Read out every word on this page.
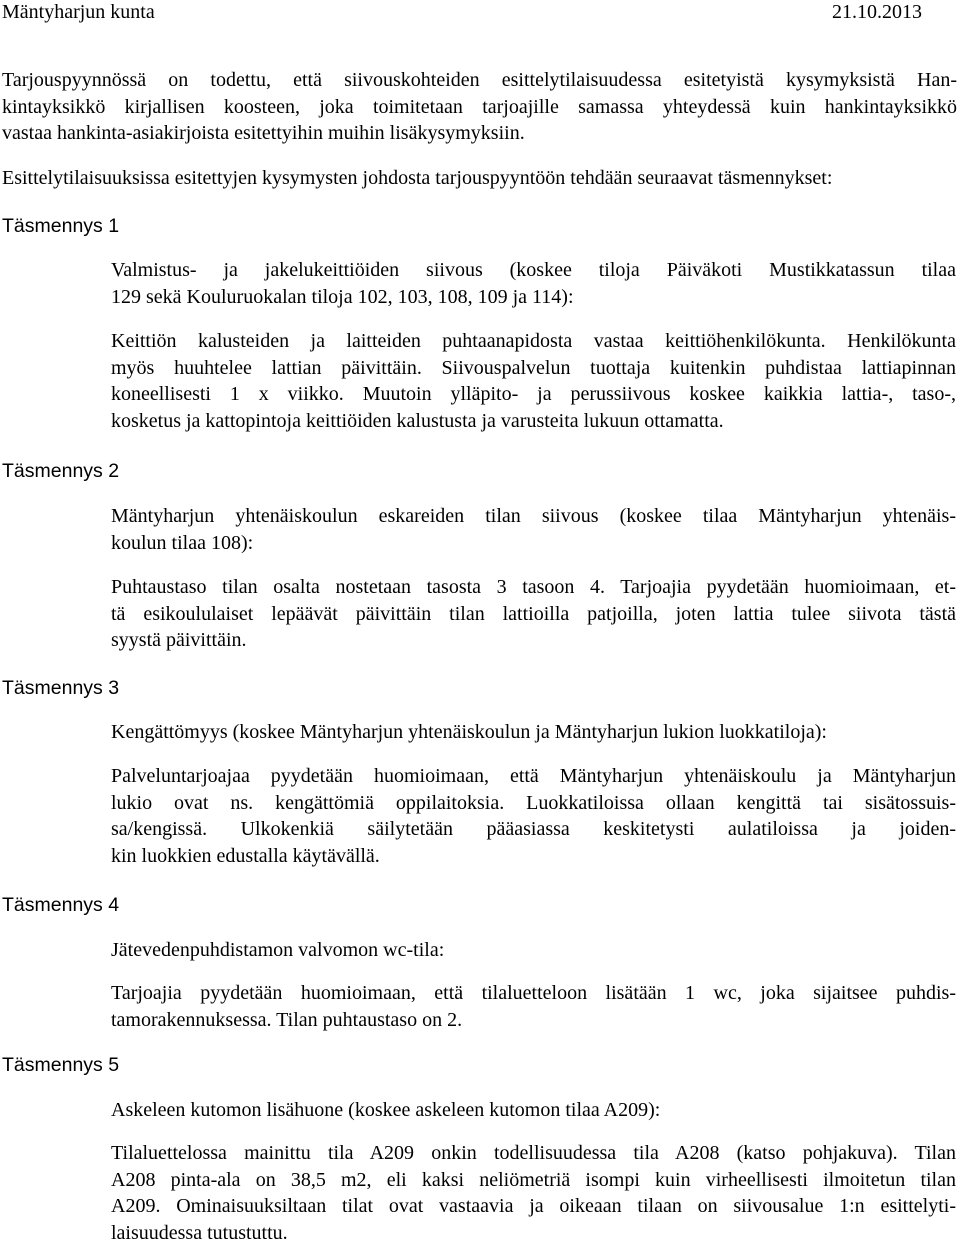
Mäntyharjun kunta	21.10.2013
Tarjouspyynnössä on todettu, että siivouskohteiden esittelytilaisuudessa esitetyistä kysymyksistä Han-
kintayksikkö kirjallisen koosteen, joka toimitetaan tarjoajille samassa yhteydessä kuin hankintayksikkö
vastaa hankinta-asiakirjoista esitettyihin muihin lisäkysymyksiin.
Esittelytilaisuuksissa esitettyjen kysymysten johdosta tarjouspyyntöön tehdään seuraavat täsmennykset:
Täsmennys 1
Valmistus- ja jakelukeittiöiden siivous (koskee tiloja Päiväkoti Mustikkatassun tilaa
129 sekä Kouluruokalan tiloja 102, 103, 108, 109 ja 114):
Keittiön kalusteiden ja laitteiden puhtaanapidosta vastaa keittiöhenkilökunta. Henkilökunta
myös huuhtelee lattian päivittäin. Siivouspalvelun tuottaja kuitenkin puhdistaa lattiapinnan
koneellisesti 1 x viikko. Muutoin ylläpito- ja perussiivous koskee kaikkia lattia-, taso-,
kosketus ja kattopintoja keittiöiden kalustusta ja varusteita lukuun ottamatta.
Täsmennys 2
Mäntyharjun yhtenäiskoulun eskareiden tilan siivous (koskee tilaa Mäntyharjun yhtenäis-
koulun tilaa 108):
Puhtaustaso tilan osalta nostetaan tasosta 3 tasoon 4. Tarjoajia pyydetään huomioimaan, et-
tä esikoululaiset lepäävät päivittäin tilan lattioilla patjoilla, joten lattia tulee siivota tästä
syystä päivittäin.
Täsmennys 3
Kengättömyys (koskee Mäntyharjun yhtenäiskoulun ja Mäntyharjun lukion luokkatiloja):
Palveluntarjoajaa pyydetään huomioimaan, että Mäntyharjun yhtenäiskoulu ja Mäntyharjun
lukio ovat ns. kengättömiä oppilaitoksia. Luokkatiloissa ollaan kengittä tai sisätossuis-
sa/kengissä. Ulkokenkiä säilytetään pääasiassa keskitetysti aulatiloissa ja joiden-
kin luokkien edustalla käytävällä.
Täsmennys 4
Jätevedenpuhdistamon valvomon wc-tila:
Tarjoajia pyydetään huomioimaan, että tilaluetteloon lisätään 1 wc, joka sijaitsee puhdis-
tamorakennuksessa. Tilan puhtaustaso on 2.
Täsmennys 5
Askeleen kutomon lisähuone (koskee askeleen kutomon tilaa A209):
Tilaluettelossa mainittu tila A209 onkin todellisuudessa tila A208 (katso pohjakuva). Tilan
A208 pinta-ala on 38,5 m2, eli kaksi neliömetriä isompi kuin virheellisesti ilmoitetun tilan
A209. Ominaisuuksiltaan tilat ovat vastaavia ja oikeaan tilaan on siivousalue 1:n esittelyti-
laisuudessa tutustuttu.
